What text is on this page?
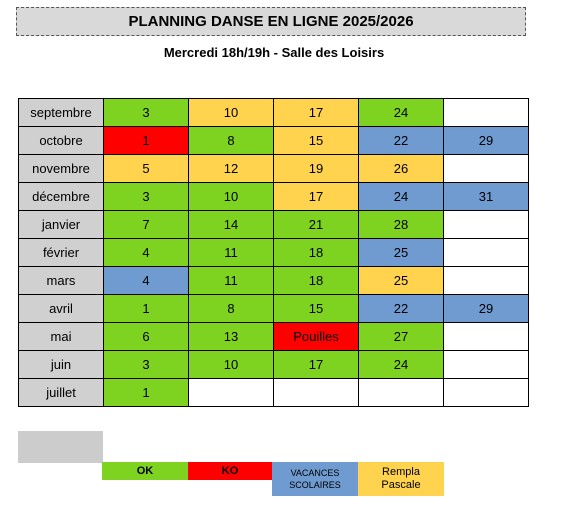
PLANNING DANSE EN LIGNE 2025/2026
Mercredi 18h/19h - Salle des Loisirs
septembre	3	10	17	24	
octobre	1	8	15	22	29
novembre	5	12	19	26	
décembre	3	10	17	24	31
janvier	7	14	21	28	
février	4	11	18	25	
mars	4	11	18	25	
avril	1	8	15	22	29
mai	6	13	Pouilles	27	
juin	3	10	17	24	
juillet	1				
OK	KO	VACANCES
SCOLAIRES
Rempla
Pascale
